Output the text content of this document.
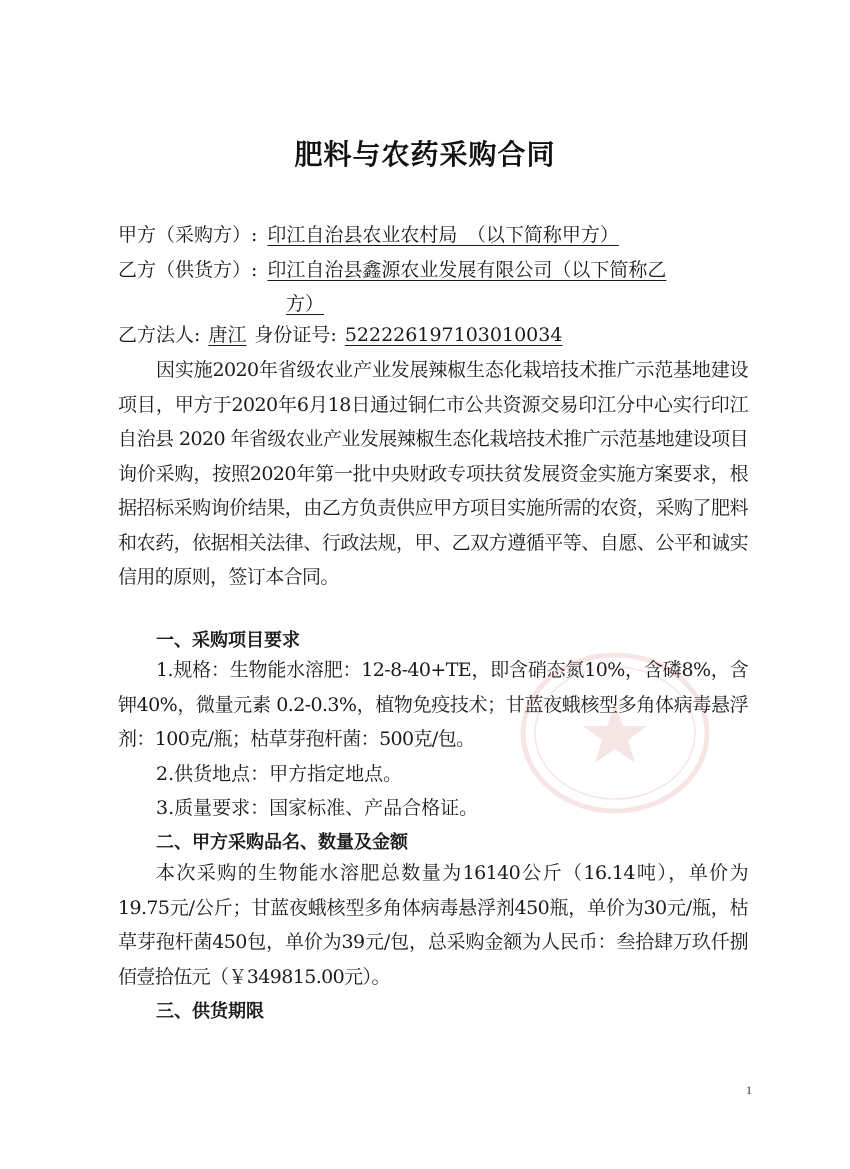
肥料与农药采购合同
甲方（采购方）: 印江自治县农业农村局　（以下简称甲方）
乙方（供货方）: 印江自治县鑫源农业发展有限公司（以下简称乙
方）
乙方法人: 唐江 身份证号: 522226197103010034
因实施2020年省级农业产业发展辣椒生态化栽培技术推广示范基地建设项目，甲方于2020年6月18日通过铜仁市公共资源交易印江分中心实行印江自治县 2020 年省级农业产业发展辣椒生态化栽培技术推广示范基地建设项目询价采购，按照2020年第一批中央财政专项扶贫发展资金实施方案要求，根据招标采购询价结果，由乙方负责供应甲方项目实施所需的农资，采购了肥料和农药，依据相关法律、行政法规，甲、乙双方遵循平等、自愿、公平和诚实信用的原则，签订本合同。
一、采购项目要求
1.规格：生物能水溶肥：12-8-40+TE，即含硝态氮10%，含磷8%，含钾40%，微量元素 0.2-0.3%，植物免疫技术；甘蓝夜蛾核型多角体病毒悬浮剂：100克/瓶；枯草芽孢杆菌：500克/包。
2.供货地点：甲方指定地点。
3.质量要求：国家标准、产品合格证。
二、甲方采购品名、数量及金额
本次采购的生物能水溶肥总数量为16140公斤（16.14吨），单价为19.75元/公斤；甘蓝夜蛾核型多角体病毒悬浮剂450瓶，单价为30元/瓶，枯草芽孢杆菌450包，单价为39元/包，总采购金额为人民币：叁拾肆万玖仟捌佰壹拾伍元（￥349815.00元）。
三、供货期限
1
